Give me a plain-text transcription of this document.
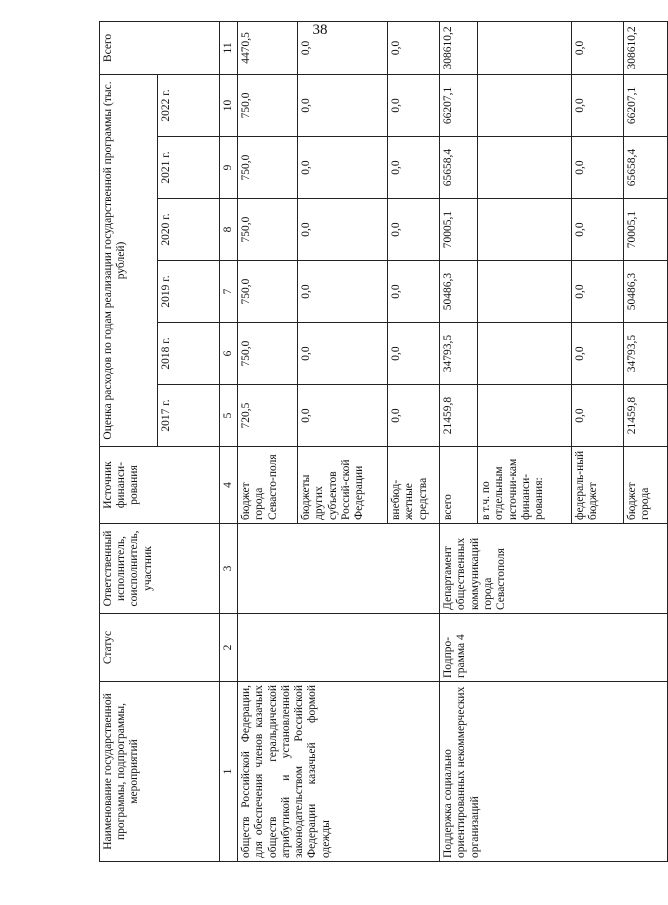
38
Наименование государственной программы, подпрограммы, мероприятий	Статус	Ответственный исполнитель, соисполнитель, участник	Источник финанси-рования	Оценка расходов по годам реализации государственной программы (тыс. рублей)						Всего
				2017 г.	2018 г.	2019 г.	2020 г.	2021 г.	2022 г.	
1	2	3	4	5	6	7	8	9	10	11
обществ Российской Федерации, для обеспечения членов казачьих обществ геральдической атрибутикой и установленной законодательством Российской Федерации казачьей формой одежды			бюджет города Севасто-поля	720,5	750,0	750,0	750,0	750,0	750,0	4470,5
			бюджеты других субъектов Россий-ской Федерации	0,0	0,0	0,0	0,0	0,0	0,0	0,0
			внебюд-жетные средства	0,0	0,0	0,0	0,0	0,0	0,0	0,0
Поддержка социально ориентированных некоммерческих организаций	Подпро-грамма 4	Департамент общественных коммуникаций города Севастополя	всего	21459,8	34793,5	50486,3	70005,1	65658,4	66207,1	308610,2
			в т.ч. по отдельным источни-кам финанси-рования:							
			федераль-ный бюджет	0,0	0,0	0,0	0,0	0,0	0,0	0,0
			бюджет города	21459,8	34793,5	50486,3	70005,1	65658,4	66207,1	308610,2
